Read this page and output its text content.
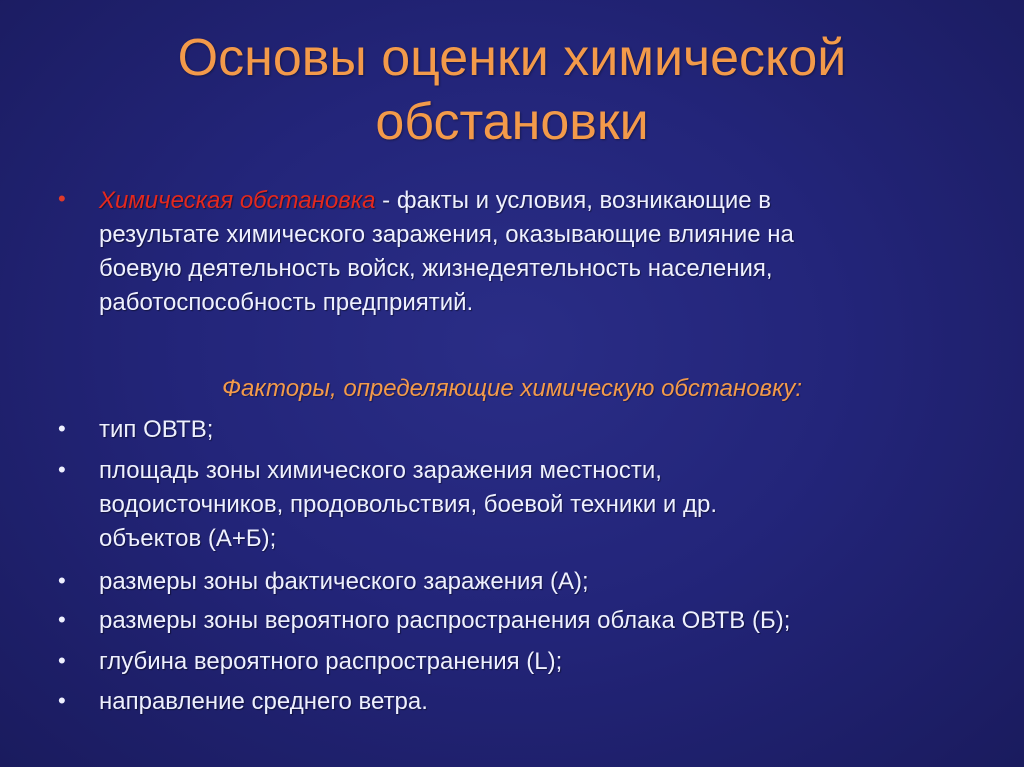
Основы оценки химической
обстановки
•	Химическая обстановка - факты и условия, возникающие в
результате химического заражения, оказывающие влияние на
боевую деятельность войск, жизнедеятельность населения,
работоспособность предприятий.
Факторы, определяющие химическую обстановку:
•	тип ОВТВ;
•	площадь зоны химического заражения местности,
водоисточников, продовольствия, боевой техники и др.
объектов (А+Б);
•	размеры зоны фактического заражения (А);
•	размеры зоны вероятного распространения облака ОВТВ (Б);
•	глубина вероятного распространения (L);
•	направление среднего ветра.
